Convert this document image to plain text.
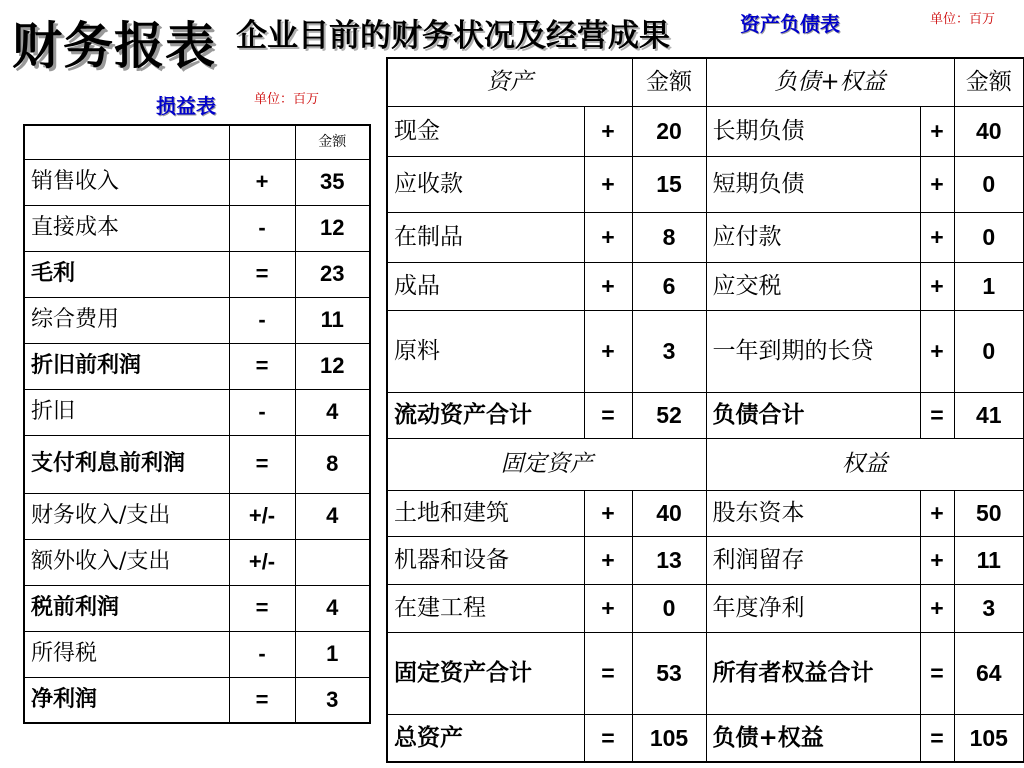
财务报表 企业目前的财务状况及经营成果	资产负债表	单位：百万
损益表	单位：百万
		金额
销售收入	+	35
直接成本	-	12
毛利	=	23
综合费用	-	11
折旧前利润	=	12
折旧	-	4
支付利息前利润	=	8
财务收入/支出	+/-	4
额外收入/支出	+/-	
税前利润	=	4
所得税	-	1
净利润	=	3
资产		金额	负债+权益		金额
现金	+	20	长期负债	+	40
应收款	+	15	短期负债	+	0
在制品	+	8	应付款	+	0
成品	+	6	应交税	+	1
原料	+	3	一年到期的长贷	+	0
流动资产合计	=	52	负债合计	=	41
固定资产			权益		
土地和建筑	+	40	股东资本	+	50
机器和设备	+	13	利润留存	+	11
在建工程	+	0	年度净利	+	3
固定资产合计	=	53	所有者权益合计	=	64
总资产	=	105	负债+权益	=	105
